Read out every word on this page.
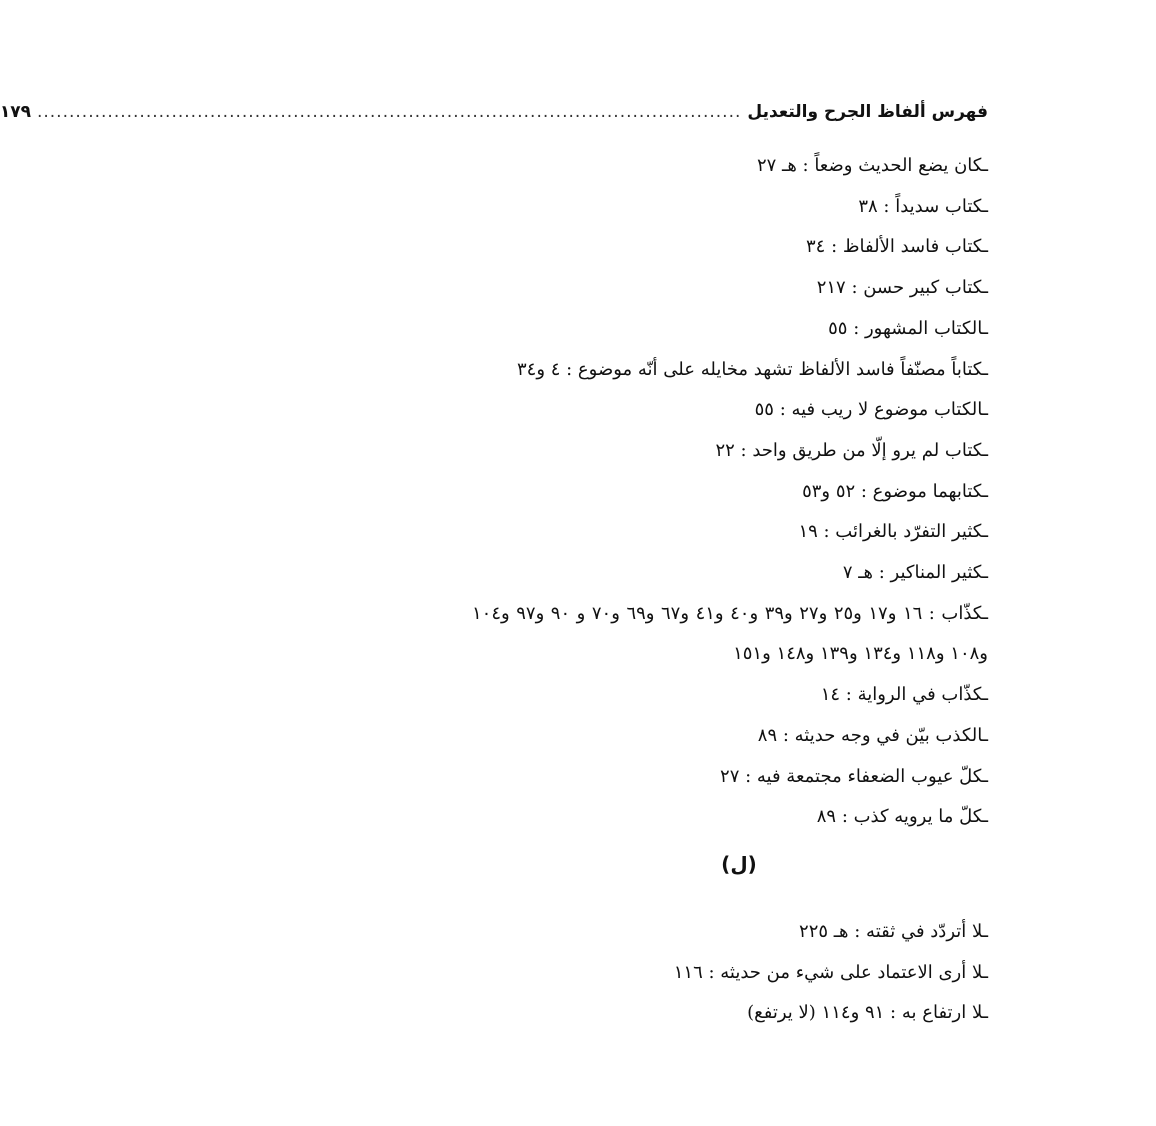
فهرس ألفاظ الجرح والتعديل
..............................................................................................................
١٧٩
ـكان يضع الحديث وضعاً : هـ ٢٧
ـكتاب سديداً : ٣٨
ـكتاب فاسد الألفاظ : ٣٤
ـكتاب كبير حسن : ٢١٧
ـالكتاب المشهور : ٥٥
ـكتاباً مصنّفاً فاسد الألفاظ تشهد مخايله على أنّه موضوع : ٤ و٣٤
ـالكتاب موضوع لا ريب فيه : ٥٥
ـكتاب لم يرو إلّا من طريق واحد : ٢٢
ـكتابهما موضوع : ٥٢ و٥٣
ـكثير التفرّد بالغرائب : ١٩
ـكثير المناكير : هـ ٧
ـكذّاب : ١٦ و١٧ و٢٥ و٢٧ و٣٩ و٤٠ و٤١ و٦٧ و٦٩ و٧٠ و ٩٠ و٩٧ و١٠٤ و١٠٨ و١١٨ و١٣٤ و١٣٩ و١٤٨ و١٥١
ـكذّاب في الرواية : ١٤
ـالكذب بيّن في وجه حديثه : ٨٩
ـكلّ عيوب الضعفاء مجتمعة فيه : ٢٧
ـكلّ ما يرويه كذب : ٨٩
(ل)
ـلا أتردّد في ثقته : هـ ٢٢٥
ـلا أرى الاعتماد على شيء من حديثه : ١١٦
ـلا ارتفاع به : ٩١ و١١٤ (لا يرتفع)
